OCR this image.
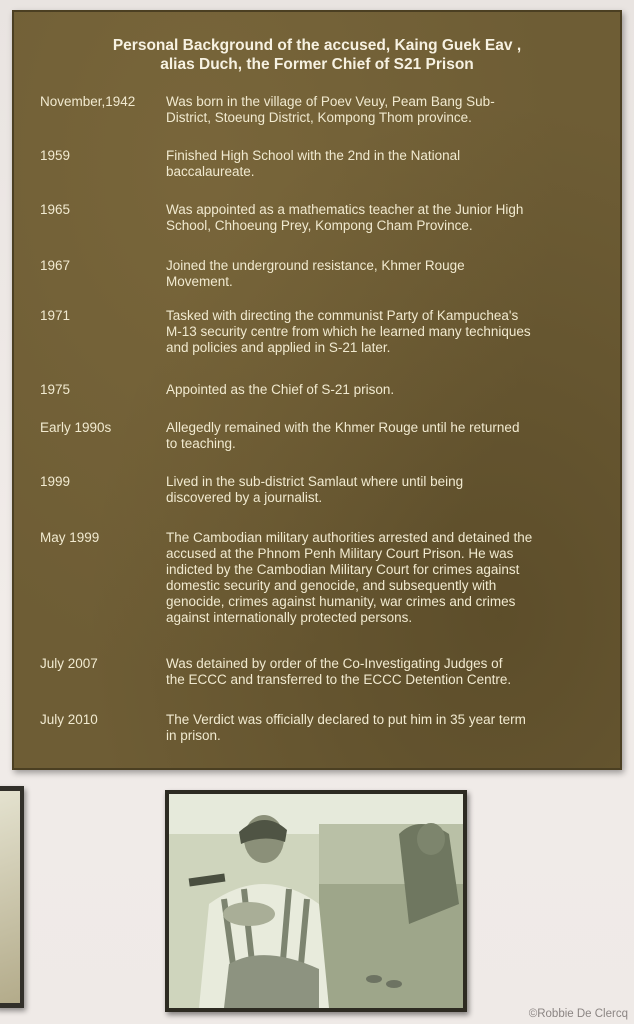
Personal Background of the accused, Kaing Guek Eav ,
alias Duch, the Former Chief of S21 Prison
November,1942	Was born in the village of Poev Veuy, Peam Bang Sub-
District, Stoeung District, Kompong Thom province.
1959	Finished High School with the 2nd in the National
baccalaureate.
1965	Was appointed as a mathematics teacher at the Junior High
School, Chhoeung Prey, Kompong Cham Province.
1967	Joined the underground resistance, Khmer Rouge
Movement.
1971	Tasked with directing the communist Party of Kampuchea's
M-13 security centre from which he learned many techniques
and policies and applied in S-21 later.
1975	Appointed as the Chief of S-21 prison.
Early 1990s	Allegedly remained with the Khmer Rouge until he returned
to teaching.
1999	Lived in the sub-district Samlaut where until being
discovered by a journalist.
May 1999	The Cambodian military authorities arrested and detained the
accused at the Phnom Penh Military Court Prison. He was
indicted by the Cambodian Military Court for crimes against
domestic security and genocide, and subsequently with
genocide, crimes against humanity, war crimes and crimes
against internationally protected persons.
July 2007	Was detained by order of the Co-Investigating Judges of
the ECCC and transferred to the ECCC Detention Centre.
July 2010	The Verdict was officially declared to put him in 35 year term
in prison.
©Robbie De Clercq
